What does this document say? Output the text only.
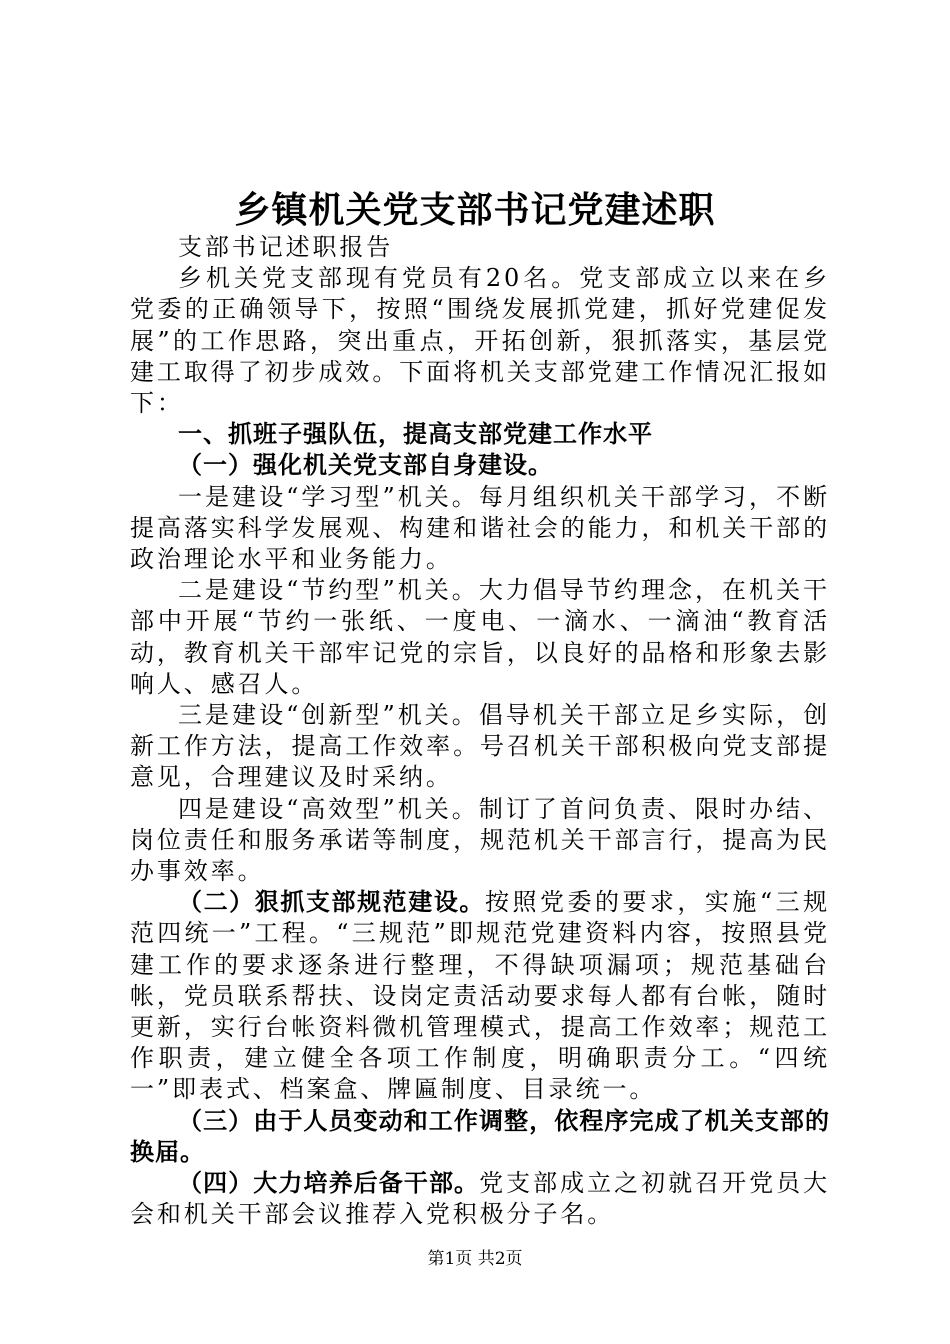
乡镇机关党支部书记党建述职

支部书记述职报告

乡机关党支部现有党员有20名。党支部成立以来在乡党委的正确领导下，按照“围绕发展抓党建，抓好党建促发展”的工作思路，突出重点，开拓创新，狠抓落实，基层党建工取得了初步成效。下面将机关支部党建工作情况汇报如下：

一、抓班子强队伍，提高支部党建工作水平

（一）强化机关党支部自身建设。

一是建设“学习型”机关。每月组织机关干部学习，不断提高落实科学发展观、构建和谐社会的能力，和机关干部的政治理论水平和业务能力。

二是建设“节约型”机关。大力倡导节约理念，在机关干部中开展“节约一张纸、一度电、一滴水、一滴油“教育活动，教育机关干部牢记党的宗旨，以良好的品格和形象去影响人、感召人。

三是建设“创新型”机关。倡导机关干部立足乡实际，创新工作方法，提高工作效率。号召机关干部积极向党支部提意见，合理建议及时采纳。

四是建设“高效型”机关。制订了首问负责、限时办结、岗位责任和服务承诺等制度，规范机关干部言行，提高为民办事效率。

（二）狠抓支部规范建设。按照党委的要求，实施“三规范四统一”工程。“三规范”即规范党建资料内容，按照县党建工作的要求逐条进行整理，不得缺项漏项；规范基础台帐，党员联系帮扶、设岗定责活动要求每人都有台帐，随时更新，实行台帐资料微机管理模式，提高工作效率；规范工作职责，建立健全各项工作制度，明确职责分工。“四统一”即表式、档案盒、牌匾制度、目录统一。

（三）由于人员变动和工作调整，依程序完成了机关支部的换届。

（四）大力培养后备干部。党支部成立之初就召开党员大会和机关干部会议推荐入党积极分子名。

第1页 共2页
